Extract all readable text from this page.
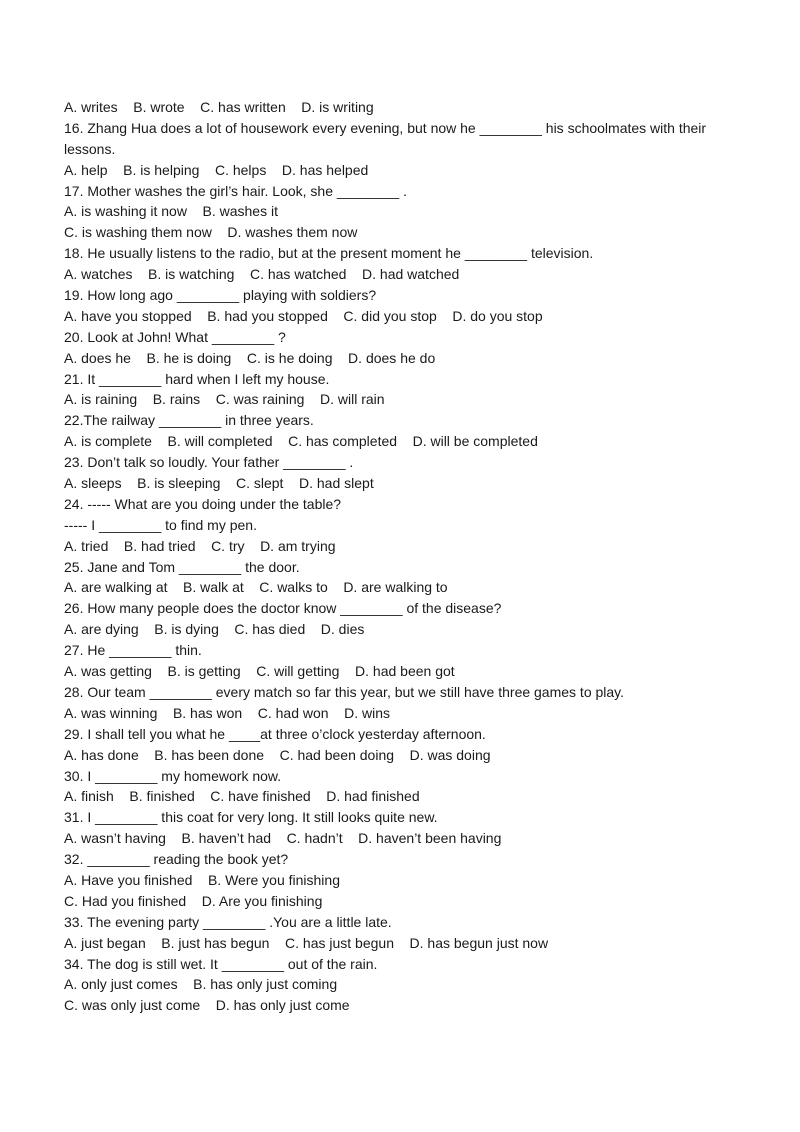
A. writes    B. wrote    C. has written    D. is writing

16. Zhang Hua does a lot of housework every evening, but now he ________ his schoolmates with their

lessons.

A. help    B. is helping    C. helps    D. has helped

17. Mother washes the girl’s hair. Look, she ________ .

A. is washing it now    B. washes it

C. is washing them now    D. washes them now

18. He usually listens to the radio, but at the present moment he ________ television.

A. watches    B. is watching    C. has watched    D. had watched

19. How long ago ________ playing with soldiers?

A. have you stopped    B. had you stopped    C. did you stop    D. do you stop

20. Look at John! What ________ ?

A. does he    B. he is doing    C. is he doing    D. does he do

21. It ________ hard when I left my house.

A. is raining    B. rains    C. was raining    D. will rain

22.The railway ________ in three years.

A. is complete    B. will completed    C. has completed    D. will be completed

23. Don’t talk so loudly. Your father ________ .

A. sleeps    B. is sleeping    C. slept    D. had slept

24. ----- What are you doing under the table?

----- I ________ to find my pen.

A. tried    B. had tried    C. try    D. am trying

25. Jane and Tom ________ the door.

A. are walking at    B. walk at    C. walks to    D. are walking to

26. How many people does the doctor know ________ of the disease?

A. are dying    B. is dying    C. has died    D. dies

27. He ________ thin.

A. was getting    B. is getting    C. will getting    D. had been got

28. Our team ________ every match so far this year, but we still have three games to play.

A. was winning    B. has won    C. had won    D. wins

29. I shall tell you what he ____at three o’clock yesterday afternoon.

A. has done    B. has been done    C. had been doing    D. was doing

30. I ________ my homework now.

A. finish    B. finished    C. have finished    D. had finished

31. I ________ this coat for very long. It still looks quite new.

A. wasn’t having    B. haven’t had    C. hadn’t    D. haven’t been having

32. ________ reading the book yet?

A. Have you finished    B. Were you finishing

C. Had you finished    D. Are you finishing

33. The evening party ________ .You are a little late.

A. just began    B. just has begun    C. has just begun    D. has begun just now

34. The dog is still wet. It ________ out of the rain.

A. only just comes    B. has only just coming

C. was only just come    D. has only just come
